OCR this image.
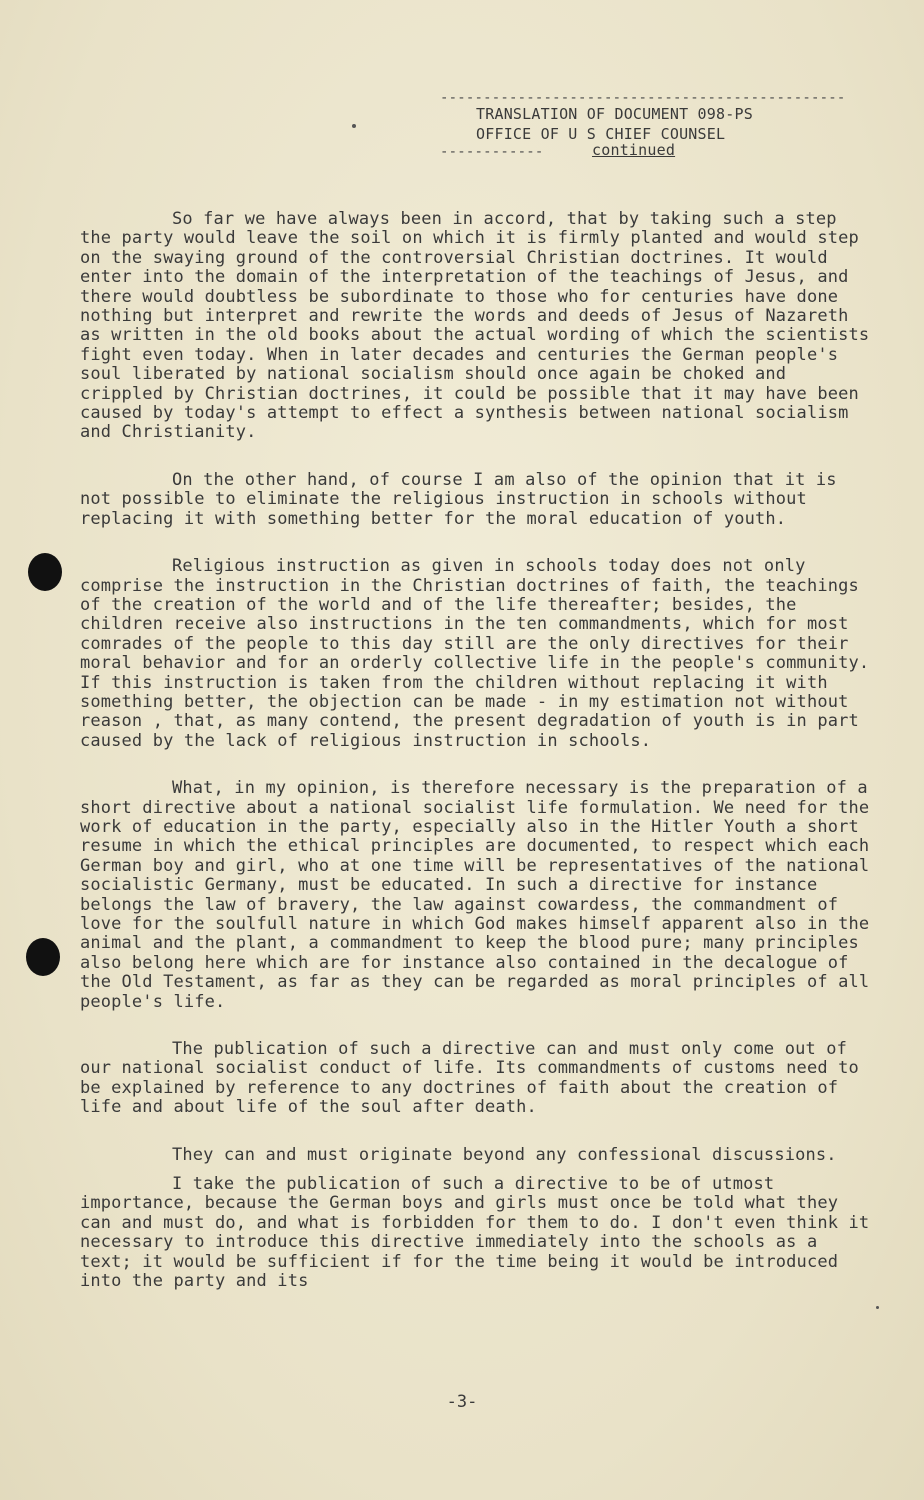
-----------------------------------------------
TRANSLATION OF DOCUMENT 098-PS
OFFICE OF U S CHIEF COUNSEL
------------	continued

So far we have always been in accord, that by taking such a step the party would leave the soil on which it is firmly planted and would step on the swaying ground of the controversial Christian doctrines. It would enter into the domain of the interpretation of the teachings of Jesus, and there would doubtless be subordinate to those who for centuries have done nothing but interpret and rewrite the words and deeds of Jesus of Nazareth as written in the old books about the actual wording of which the scientists fight even today. When in later decades and centuries the German people's soul liberated by national socialism should once again be choked and crippled by Christian doctrines, it could be possible that it may have been caused by today's attempt to effect a synthesis between national socialism and Christianity.

On the other hand, of course I am also of the opinion that it is not possible to eliminate the religious instruction in schools without replacing it with something better for the moral education of youth.

Religious instruction as given in schools today does not only comprise the instruction in the Christian doctrines of faith, the teachings of the creation of the world and of the life thereafter; besides, the children receive also instructions in the ten commandments, which for most comrades of the people to this day still are the only directives for their moral behavior and for an orderly collective life in the people's community. If this instruction is taken from the children without replacing it with something better, the objection can be made - in my estimation not without reason , that, as many contend, the present degradation of youth is in part caused by the lack of religious instruction in schools.

What, in my opinion, is therefore necessary is the preparation of a short directive about a national socialist life formulation. We need for the work of education in the party, especially also in the Hitler Youth a short resume in which the ethical principles are documented, to respect which each German boy and girl, who at one time will be representatives of the national socialistic Germany, must be educated. In such a directive for instance belongs the law of bravery, the law against cowardess, the commandment of love for the soulfull nature in which God makes himself apparent also in the animal and the plant, a commandment to keep the blood pure; many principles also belong here which are for instance also contained in the decalogue of the Old Testament, as far as they can be regarded as moral principles of all people's life.

The publication of such a directive can and must only come out of our national socialist conduct of life. Its commandments of customs need to be explained by reference to any doctrines of faith about the creation of life and about life of the soul after death.

They can and must originate beyond any confessional discussions.

I take the publication of such a directive to be of utmost importance, because the German boys and girls must once be told what they can and must do, and what is forbidden for them to do. I don't even think it necessary to introduce this directive immediately into the schools as a text; it would be sufficient if for the time being it would be introduced into the party and its

-3-
